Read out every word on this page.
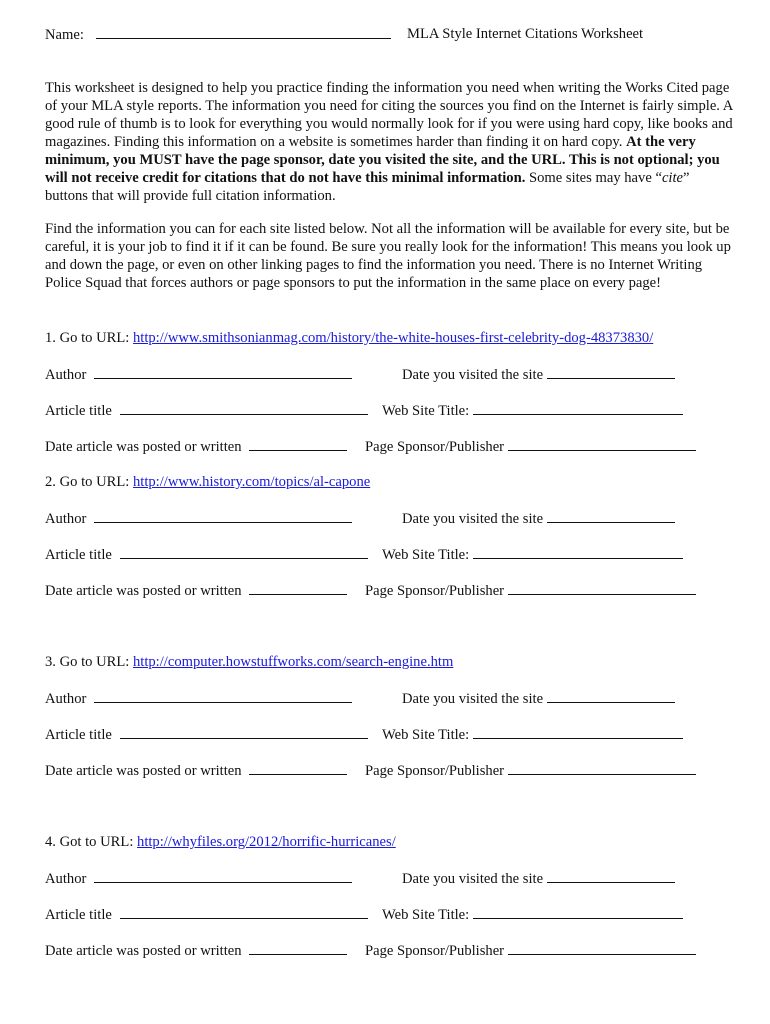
Name:	MLA Style Internet Citations Worksheet

This worksheet is designed to help you practice finding the information you need when writing the Works Cited page of your MLA style reports. The information you need for citing the sources you find on the Internet is fairly simple. A good rule of thumb is to look for everything you would normally look for if you were using hard copy, like books and magazines. Finding this information on a website is sometimes harder than finding it on hard copy. At the very minimum, you MUST have the page sponsor, date you visited the site, and the URL. This is not optional; you will not receive credit for citations that do not have this minimal information. Some sites may have “cite” buttons that will provide full citation information.

Find the information you can for each site listed below. Not all the information will be available for every site, but be careful, it is your job to find it if it can be found. Be sure you really look for the information! This means you look up and down the page, or even on other linking pages to find the information you need. There is no Internet Writing Police Squad that forces authors or page sponsors to put the information in the same place on every page!

1. Go to URL: http://www.smithsonianmag.com/history/the-white-houses-first-celebrity-dog-48373830/
Author	Date you visited the site
Article title	Web Site Title:
Date article was posted or written	Page Sponsor/Publisher
2. Go to URL: http://www.history.com/topics/al-capone
Author	Date you visited the site
Article title	Web Site Title:
Date article was posted or written	Page Sponsor/Publisher
3. Go to URL: http://computer.howstuffworks.com/search-engine.htm
Author	Date you visited the site
Article title	Web Site Title:
Date article was posted or written	Page Sponsor/Publisher
4. Got to URL: http://whyfiles.org/2012/horrific-hurricanes/
Author	Date you visited the site
Article title	Web Site Title:
Date article was posted or written	Page Sponsor/Publisher
